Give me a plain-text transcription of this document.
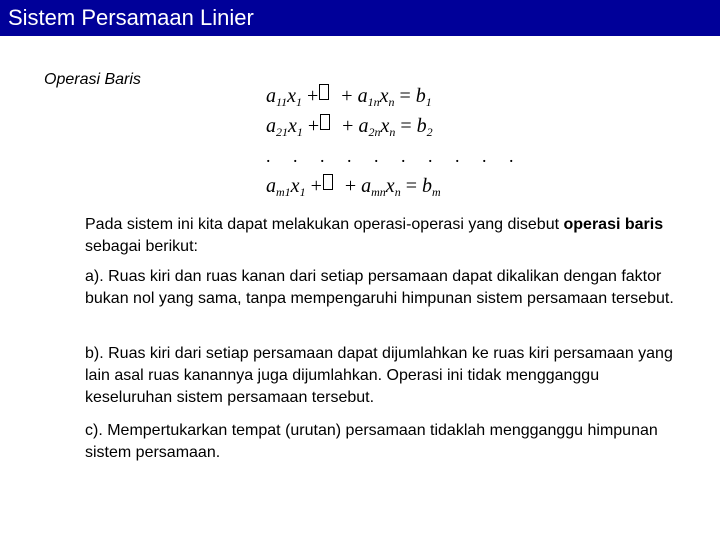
Sistem Persamaan Linier
Operasi Baris
$a_{11}x_1$ +  + $a_{1n}x_n = b_1$
$a_{21}x_1$ +  + $a_{2n}x_n = b_2$
. . . . . . . . . .
$a_{m1}x_1$ +  + $a_{mn}x_n = b_m$
Pada sistem ini kita dapat melakukan operasi-operasi yang disebut operasi baris sebagai berikut:
a). Ruas kiri dan ruas kanan dari setiap persamaan dapat dikalikan dengan faktor bukan nol yang sama, tanpa mempengaruhi himpunan sistem persamaan tersebut.
b). Ruas kiri dari setiap persamaan dapat dijumlahkan ke ruas kiri persamaan yang lain asal ruas kanannya juga dijumlahkan. Operasi ini tidak mengganggu keseluruhan sistem persamaan tersebut.
c). Mempertukarkan tempat (urutan) persamaan tidaklah mengganggu himpunan sistem persamaan.
